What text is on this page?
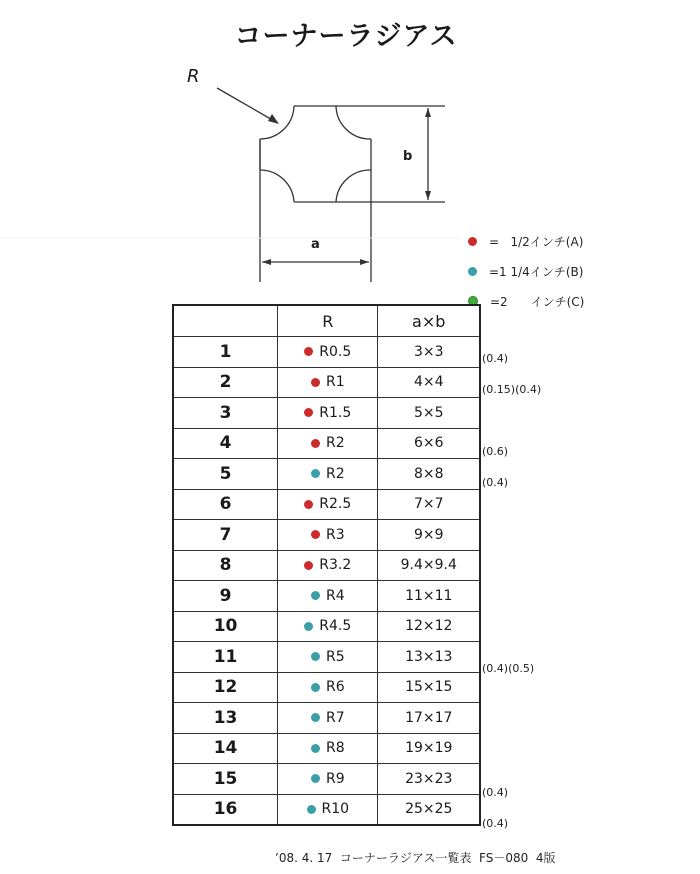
コーナーラジアス
R
b
a	=   1/2インチ(A)
=1 1/4インチ(B)
=2      インチ(C)
	R	a×b
1	R0.5	3×3
2	R1	4×4
3	R1.5	5×5
4	R2	6×6
5	R2	8×8
6	R2.5	7×7
7	R3	9×9
8	R3.2	9.4×9.4
9	R4	11×11
10	R4.5	12×12
11	R5	13×13
12	R6	15×15
13	R7	17×17
14	R8	19×19
15	R9	23×23
16	R10	25×25
(0.4)
(0.15)(0.4)
(0.6)
(0.4)
(0.4)(0.5)
(0.4)
(0.4)
’08. 4. 17  コーナーラジアス一覧表  FS－080  4版
